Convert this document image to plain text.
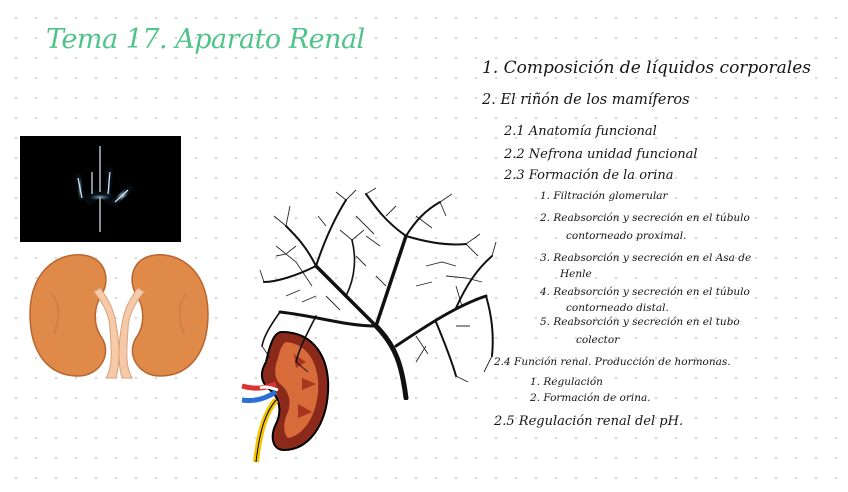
Tema 17. Aparato Renal
1. Composición de líquidos corporales
2. El riñón de los mamíferos
2.1 Anatomía funcional
2.2 Nefrona unidad funcional
2.3 Formación de la orina
1. Filtración glomerular
2. Reabsorción y secreción en el túbulo
contorneado proximal.
3. Reabsorción y secreción en el Asa de
Henle
4. Reabsorción y secreción en el túbulo
contorneado distal.
5. Reabsorción y secreción en el tubo
colector
2.4 Función renal. Producción de hormonas.
1. Regulación
2. Formación de orina.
2.5 Regulación renal del pH.
